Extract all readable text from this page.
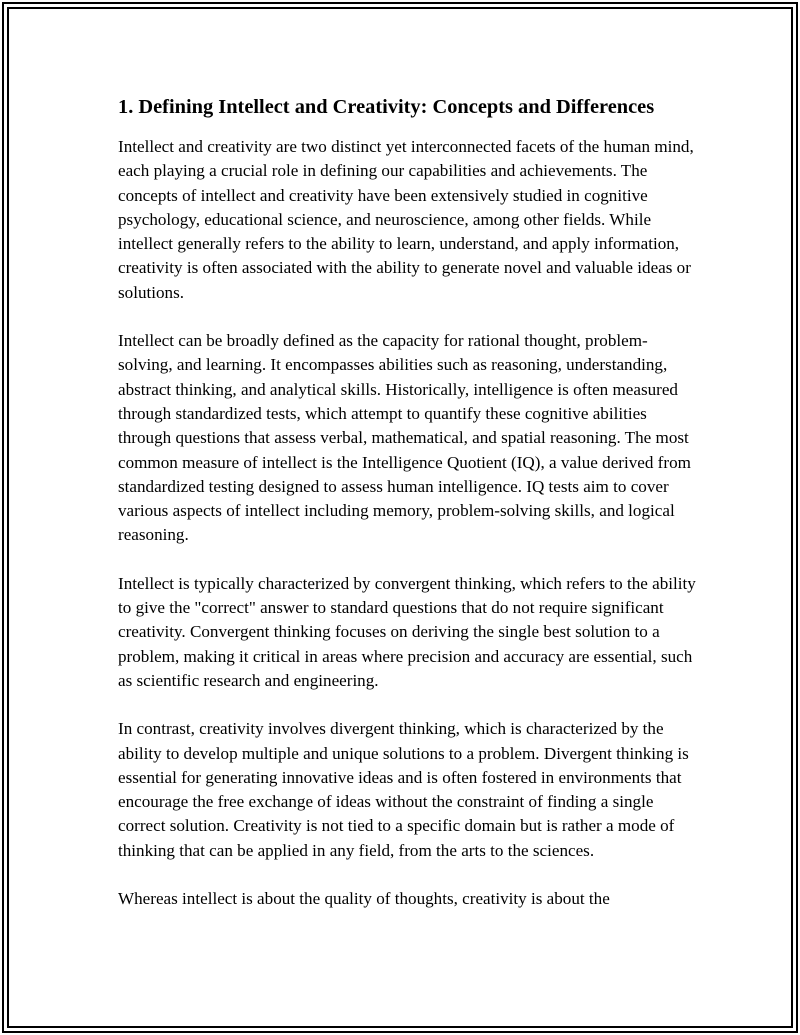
1. Defining Intellect and Creativity: Concepts and Differences

Intellect and creativity are two distinct yet interconnected facets of the human mind, each playing a crucial role in defining our capabilities and achievements. The concepts of intellect and creativity have been extensively studied in cognitive psychology, educational science, and neuroscience, among other fields. While intellect generally refers to the ability to learn, understand, and apply information, creativity is often associated with the ability to generate novel and valuable ideas or solutions.

Intellect can be broadly defined as the capacity for rational thought, problem-solving, and learning. It encompasses abilities such as reasoning, understanding, abstract thinking, and analytical skills. Historically, intelligence is often measured through standardized tests, which attempt to quantify these cognitive abilities through questions that assess verbal, mathematical, and spatial reasoning. The most common measure of intellect is the Intelligence Quotient (IQ), a value derived from standardized testing designed to assess human intelligence. IQ tests aim to cover various aspects of intellect including memory, problem-solving skills, and logical reasoning.

Intellect is typically characterized by convergent thinking, which refers to the ability to give the "correct" answer to standard questions that do not require significant creativity. Convergent thinking focuses on deriving the single best solution to a problem, making it critical in areas where precision and accuracy are essential, such as scientific research and engineering.

In contrast, creativity involves divergent thinking, which is characterized by the ability to develop multiple and unique solutions to a problem. Divergent thinking is essential for generating innovative ideas and is often fostered in environments that encourage the free exchange of ideas without the constraint of finding a single correct solution. Creativity is not tied to a specific domain but is rather a mode of thinking that can be applied in any field, from the arts to the sciences.

Whereas intellect is about the quality of thoughts, creativity is about the
